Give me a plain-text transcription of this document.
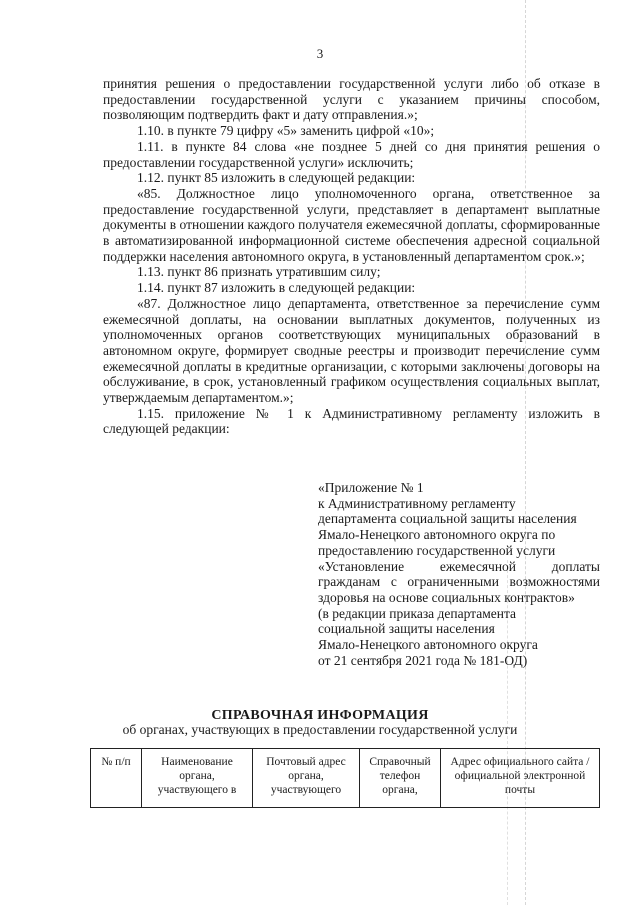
3

принятия решения о предоставлении государственной услуги либо об отказе в предоставлении государственной услуги с указанием причины способом, позволяющим подтвердить факт и дату отправления.»;

1.10. в пункте 79 цифру «5» заменить цифрой «10»;

1.11. в пункте 84 слова «не позднее 5 дней со дня принятия решения о предоставлении государственной услуги» исключить;

1.12. пункт 85 изложить в следующей редакции:

«85. Должностное лицо уполномоченного органа, ответственное за предоставление государственной услуги, представляет в департамент выплатные документы в отношении каждого получателя ежемесячной доплаты, сформированные в автоматизированной информационной системе обеспечения адресной социальной поддержки населения автономного округа, в установленный департаментом срок.»;

1.13. пункт 86 признать утратившим силу;

1.14. пункт 87 изложить в следующей редакции:

«87. Должностное лицо департамента, ответственное за перечисление сумм ежемесячной доплаты, на основании выплатных документов, полученных из уполномоченных органов соответствующих муниципальных образований в автономном округе, формирует сводные реестры и производит перечисление сумм ежемесячной доплаты в кредитные организации, с которыми заключены договоры на обслуживание, в срок, установленный графиком осуществления социальных выплат, утверждаемым департаментом.»;

1.15. приложение № 1 к Административному регламенту изложить в следующей редакции:

«Приложение № 1
к Административному регламенту
департамента социальной защиты населения
Ямало-Ненецкого автономного округа по
предоставлению государственной услуги
«Установление ежемесячной доплаты гражданам с ограниченными возможностями здоровья на основе социальных контрактов»
(в редакции приказа департамента
социальной защиты населения
Ямало-Ненецкого автономного округа
от 21 сентября 2021 года № 181-ОД)
СПРАВОЧНАЯ ИНФОРМАЦИЯ
об органах, участвующих в предоставлении государственной услуги
№ п/п	Наименование органа, участвующего в	Почтовый адрес органа, участвующего	Справочный телефон органа,	Адрес официального сайта /официальной электронной почты
